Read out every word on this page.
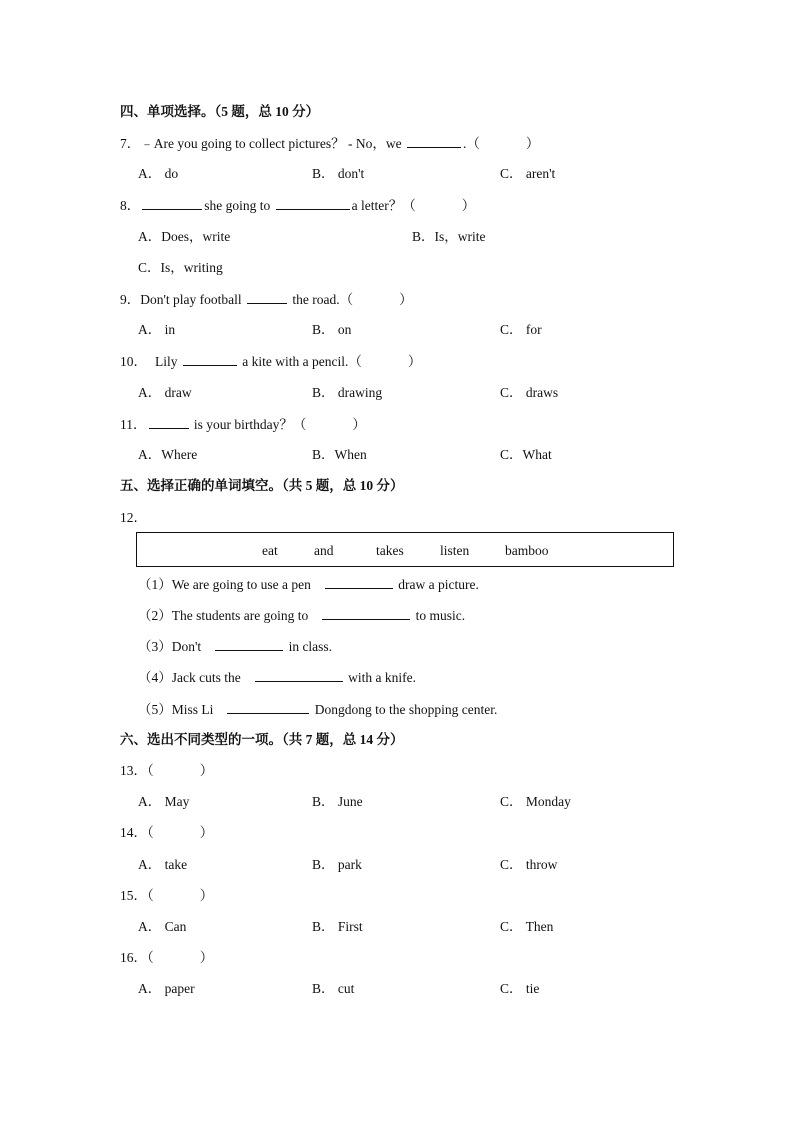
四、单项选择。（5 题，总 10 分）
7．﹣Are you going to collect pictures？ - No，we	.（	）
A． do	B． don't	C． aren't
8．	she going to	a letter？（	）
A．Does，write	B．Is，write
C．Is，writing
9．Don't play football	the road.（	）
A． in	B． on	C． for
10． Lily	a kite with a pencil.（	）
A． draw	B． drawing	C． draws
11．	is your birthday？（	）
A．Where	B．When	C．What
五、选择正确的单词填空。（共 5 题，总 10 分）
12．
eat	and	takes	listen	bamboo
（1）We are going to use a pen	draw a picture.
（2）The students are going to	to music.
（3）Don't	in class.
（4）Jack cuts the	with a knife.
（5）Miss Li	Dongdong to the shopping center.
六、选出不同类型的一项。（共 7 题，总 14 分）
13．（	）
A． May	B． June	C． Monday
14．（	）
A． take	B． park	C． throw
15．（	）
A． Can	B． First	C． Then
16．（	）
A． paper	B． cut	C． tie
